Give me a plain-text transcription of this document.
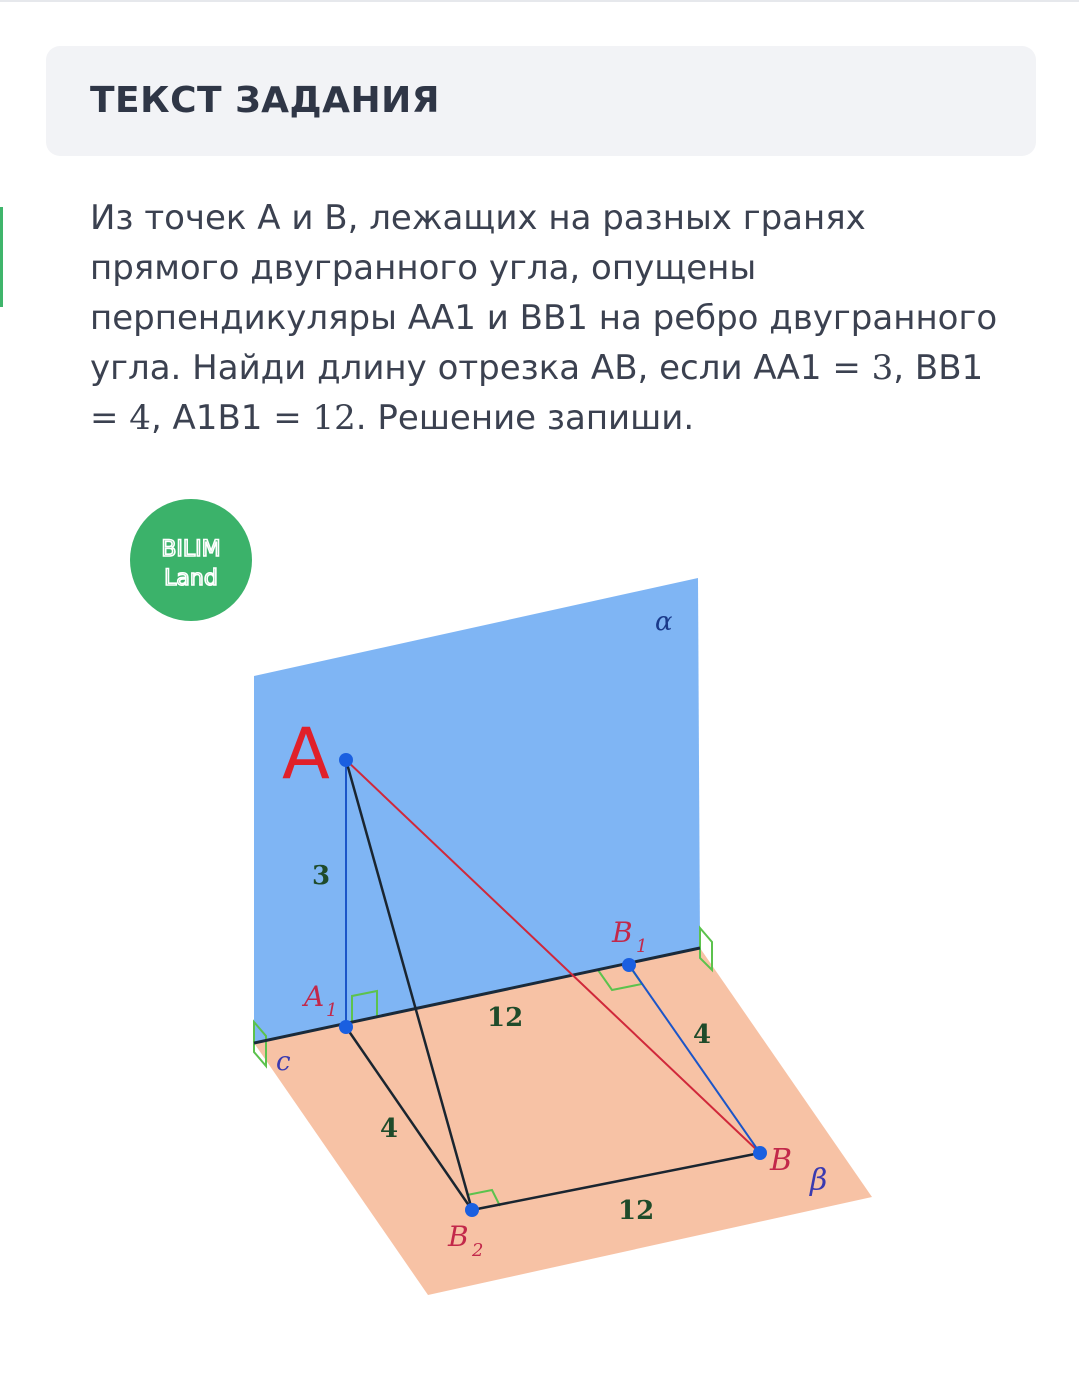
ТЕКСТ ЗАДАНИЯ
Из точек А и В, лежащих на разных гранях
прямого двугранного угла, опущены
перпендикуляры АА1 и ВВ1 на ребро двугранного
угла. Найди длину отрезка АВ, если АА1 = 3, ВВ1
= 4, А1В1 = 12. Решение запиши.
BILIM
Land
α
β
c
A
A 1
B 1
B
B 2
3
12
4
4
12
